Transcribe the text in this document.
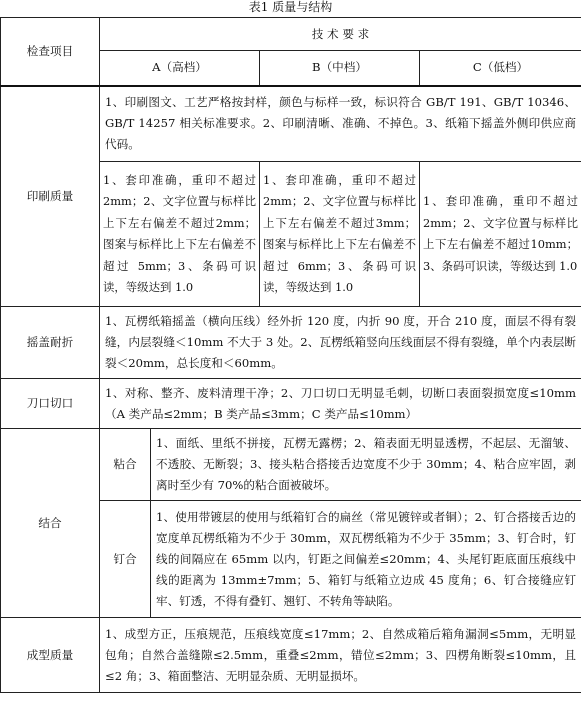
表1 质量与结构
检查项目	技 术 要 求			
	A（高档）		B（中档）	C（低档）
印刷质量	1、印刷图文、工艺严格按封样，颜色与标样一致，标识符合 GB/T 191、GB/T 10346、GB/T 14257 相关标准要求。2、印刷清晰、准确、不掉色。3、纸箱下摇盖外侧印供应商代码。			
	1、套印准确，重印不超过2mm；2、文字位置与标样比上下左右偏差不超过2mm；图案与标样比上下左右偏差不超过 5mm；3、条码可识读，等级达到 1.0		1、套印准确，重印不超过2mm；2、文字位置与标样比上下左右偏差不超过3mm；图案与标样比上下左右偏差不超过 6mm；3、条码可识读，等级达到 1.0	1、套印准确，重印不超过2mm；2、文字位置与标样比上下左右偏差不超过10mm；3、条码可识读，等级达到 1.0
摇盖耐折	1、瓦楞纸箱摇盖（横向压线）经外折 120 度，内折 90 度，开合 210 度，面层不得有裂缝，内层裂缝＜10mm 不大于 3 处。2、瓦楞纸箱竖向压线面层不得有裂缝，单个内表层断裂＜20mm，总长度和＜60mm。			
刀口切口	1、对称、整齐、废料清理干净；2、刀口切口无明显毛刺，切断口表面裂损宽度≤10mm（A 类产品≤2mm；B 类产品≤3mm；C 类产品≤10mm）			
结合	粘合	1、面纸、里纸不拼接，瓦楞无露楞；2、箱表面无明显透楞，不起层、无溜皱、不透胶、无断裂；3、接头粘合搭接舌边宽度不少于 30mm；4、粘合应牢固，剥离时至少有 70%的粘合面被破坏。		
	钉合	1、使用带镀层的使用与纸箱钉合的扁丝（常见镀锌或者铜）；2、钉合搭接舌边的宽度单瓦楞纸箱为不少于 30mm，双瓦楞纸箱为不少于 35mm；3、钉合时，钉线的间隔应在 65mm 以内，钉距之间偏差≤20mm；4、头尾钉距底面压痕线中线的距离为 13mm±7mm；5、箱钉与纸箱立边成 45 度角；6、钉合接缝应钉牢、钉透，不得有叠钉、翘钉、不转角等缺陷。		
成型质量	1、成型方正，压痕规范，压痕线宽度≤17mm；2、自然成箱后箱角漏洞≤5mm，无明显包角；自然合盖缝隙≤2.5mm，重叠≤2mm，错位≤2mm；3、四楞角断裂≤10mm，且≤2 角；3、箱面整洁、无明显杂质、无明显损坏。			
